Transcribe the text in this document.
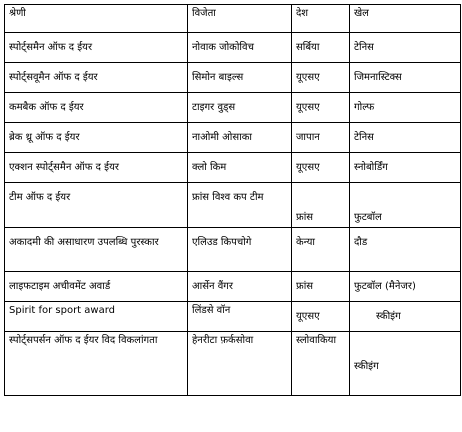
श्रेणी	विजेता	देश	खेल
स्पोर्ट्समैन ऑफ द ईयर	नोवाक जोकोविच	सर्बिया	टेनिस
स्पोर्ट्सवूमैन ऑफ द ईयर	सिमोन बाइल्स	यूएसए	जिमनास्टिक्स
कमबैक ऑफ द ईयर	टाइगर वुड्स	यूएसए	गोल्फ
ब्रेक थ्रू ऑफ द ईयर	नाओमी ओसाका	जापान	टेनिस
एक्शन स्पोर्ट्समैन ऑफ द ईयर	क्लो किम	यूएसए	स्नोबोर्डिंग
टीम ऑफ द ईयर	फ्रांस विश्व कप टीम	फ्रांस	फुटबॉल
अकादमी की असाधारण उपलब्धि पुरस्कार	एलिउड किपचोगे	केन्या	दौड
लाइफटाइम अचीवमेंट अवार्ड	आर्सेन वैंगर	फ्रांस	फुटबॉल (मैनेजर)
Spirit for sport award	लिंडसे वॉन	यूएसए	स्कीइंग
स्पोर्ट्सपर्सन ऑफ द ईयर विद विकलांगता	हेनरीटा फ़र्कसोवा	स्लोवाकिया	स्कीइंग
